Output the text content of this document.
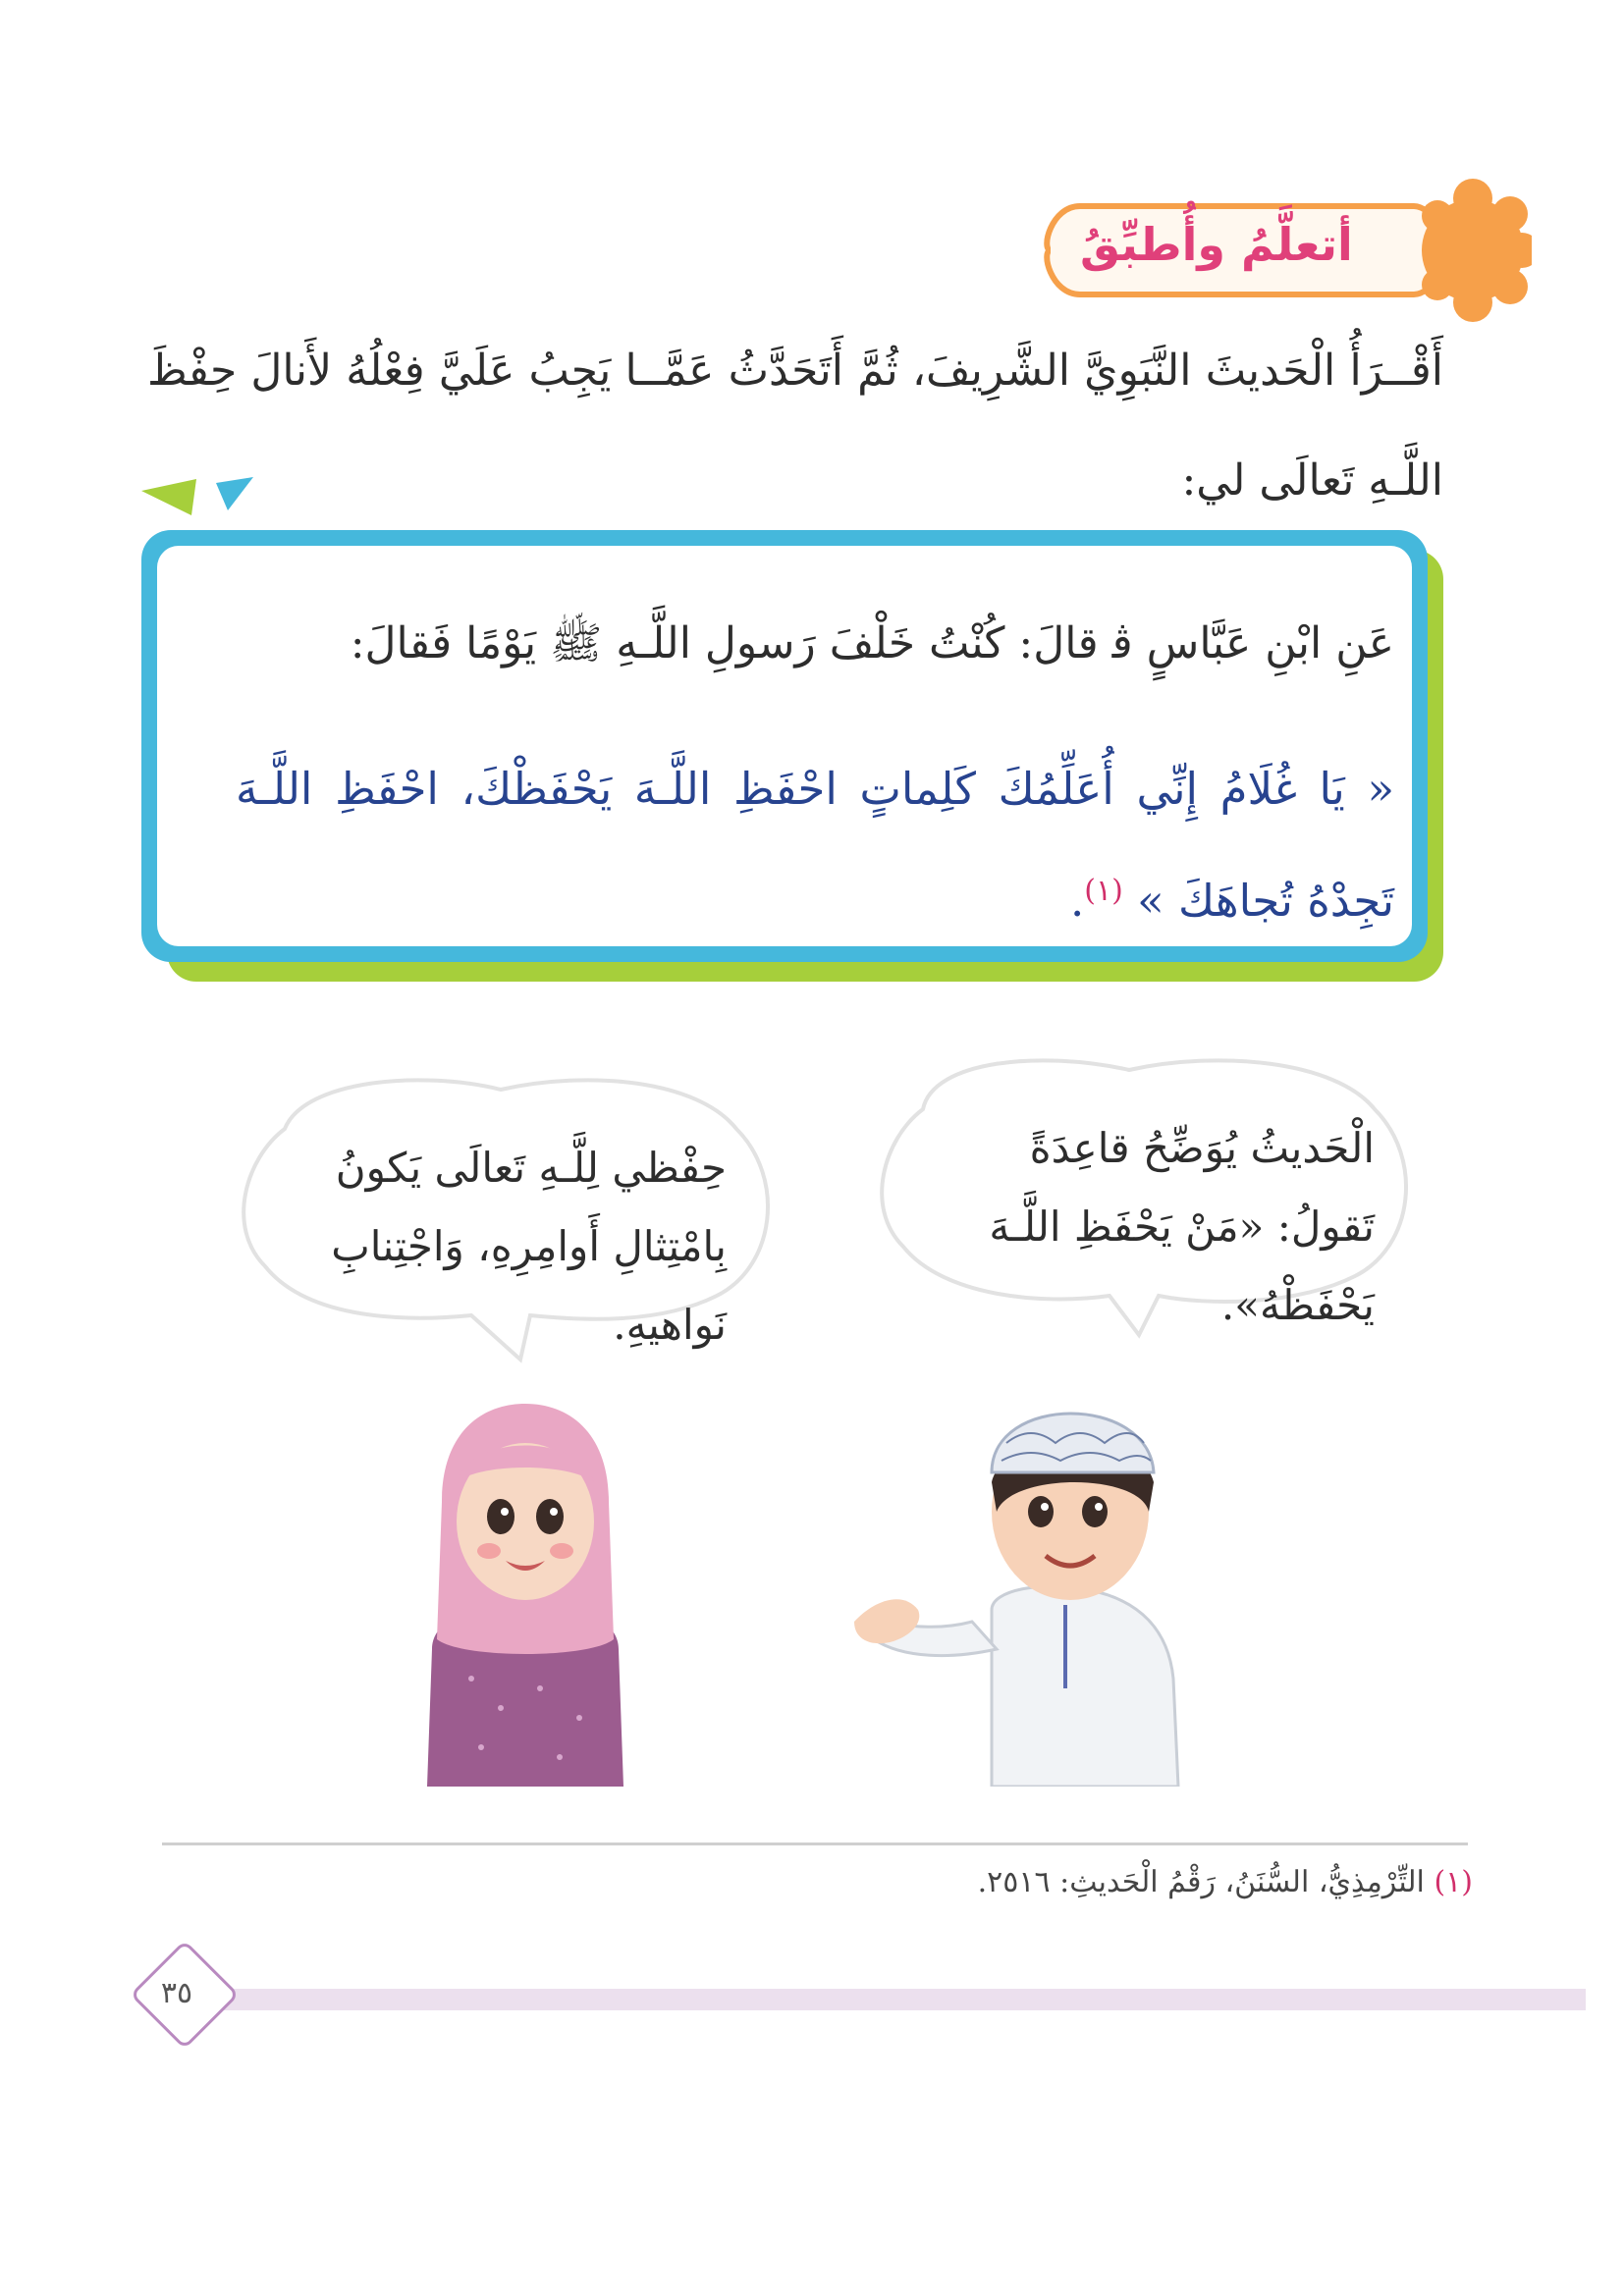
أتعلَّمُ وأُطبِّقُ
أَقْــرَأُ الْحَديثَ النَّبَوِيَّ الشَّرِيفَ، ثُمَّ أَتَحَدَّثُ عَمَّــا يَجِبُ عَلَيَّ فِعْلُهُ لأَنالَ حِفْظَ اللَّـهِ تَعالَى لي:
عَنِ ابْنِ عَبَّاسٍ ﭬ قالَ: كُنْتُ خَلْفَ رَسولِ اللَّـهِ ﷺ يَوْمًا فَقالَ:
« يَا غُلَامُ إِنِّي أُعَلِّمُكَ كَلِماتٍ احْفَظِ اللَّـهَ يَحْفَظْكَ، احْفَظِ اللَّـهَ تَجِدْهُ تُجاهَكَ » $^{(١)}$.
الْحَديثُ يُوَضِّحُ قاعِدَةً تَقولُ: «مَنْ يَحْفَظِ اللَّـهَ يَحْفَظْهُ».
حِفْظي لِلَّـهِ تَعالَى يَكونُ بِامْتِثالِ أَوامِرِهِ، وَاجْتِنابِ نَواهيهِ.
(١) التِّرْمِذِيُّ، السُّنَنُ، رَقْمُ الْحَديثِ: ٢٥١٦.
٣٥
